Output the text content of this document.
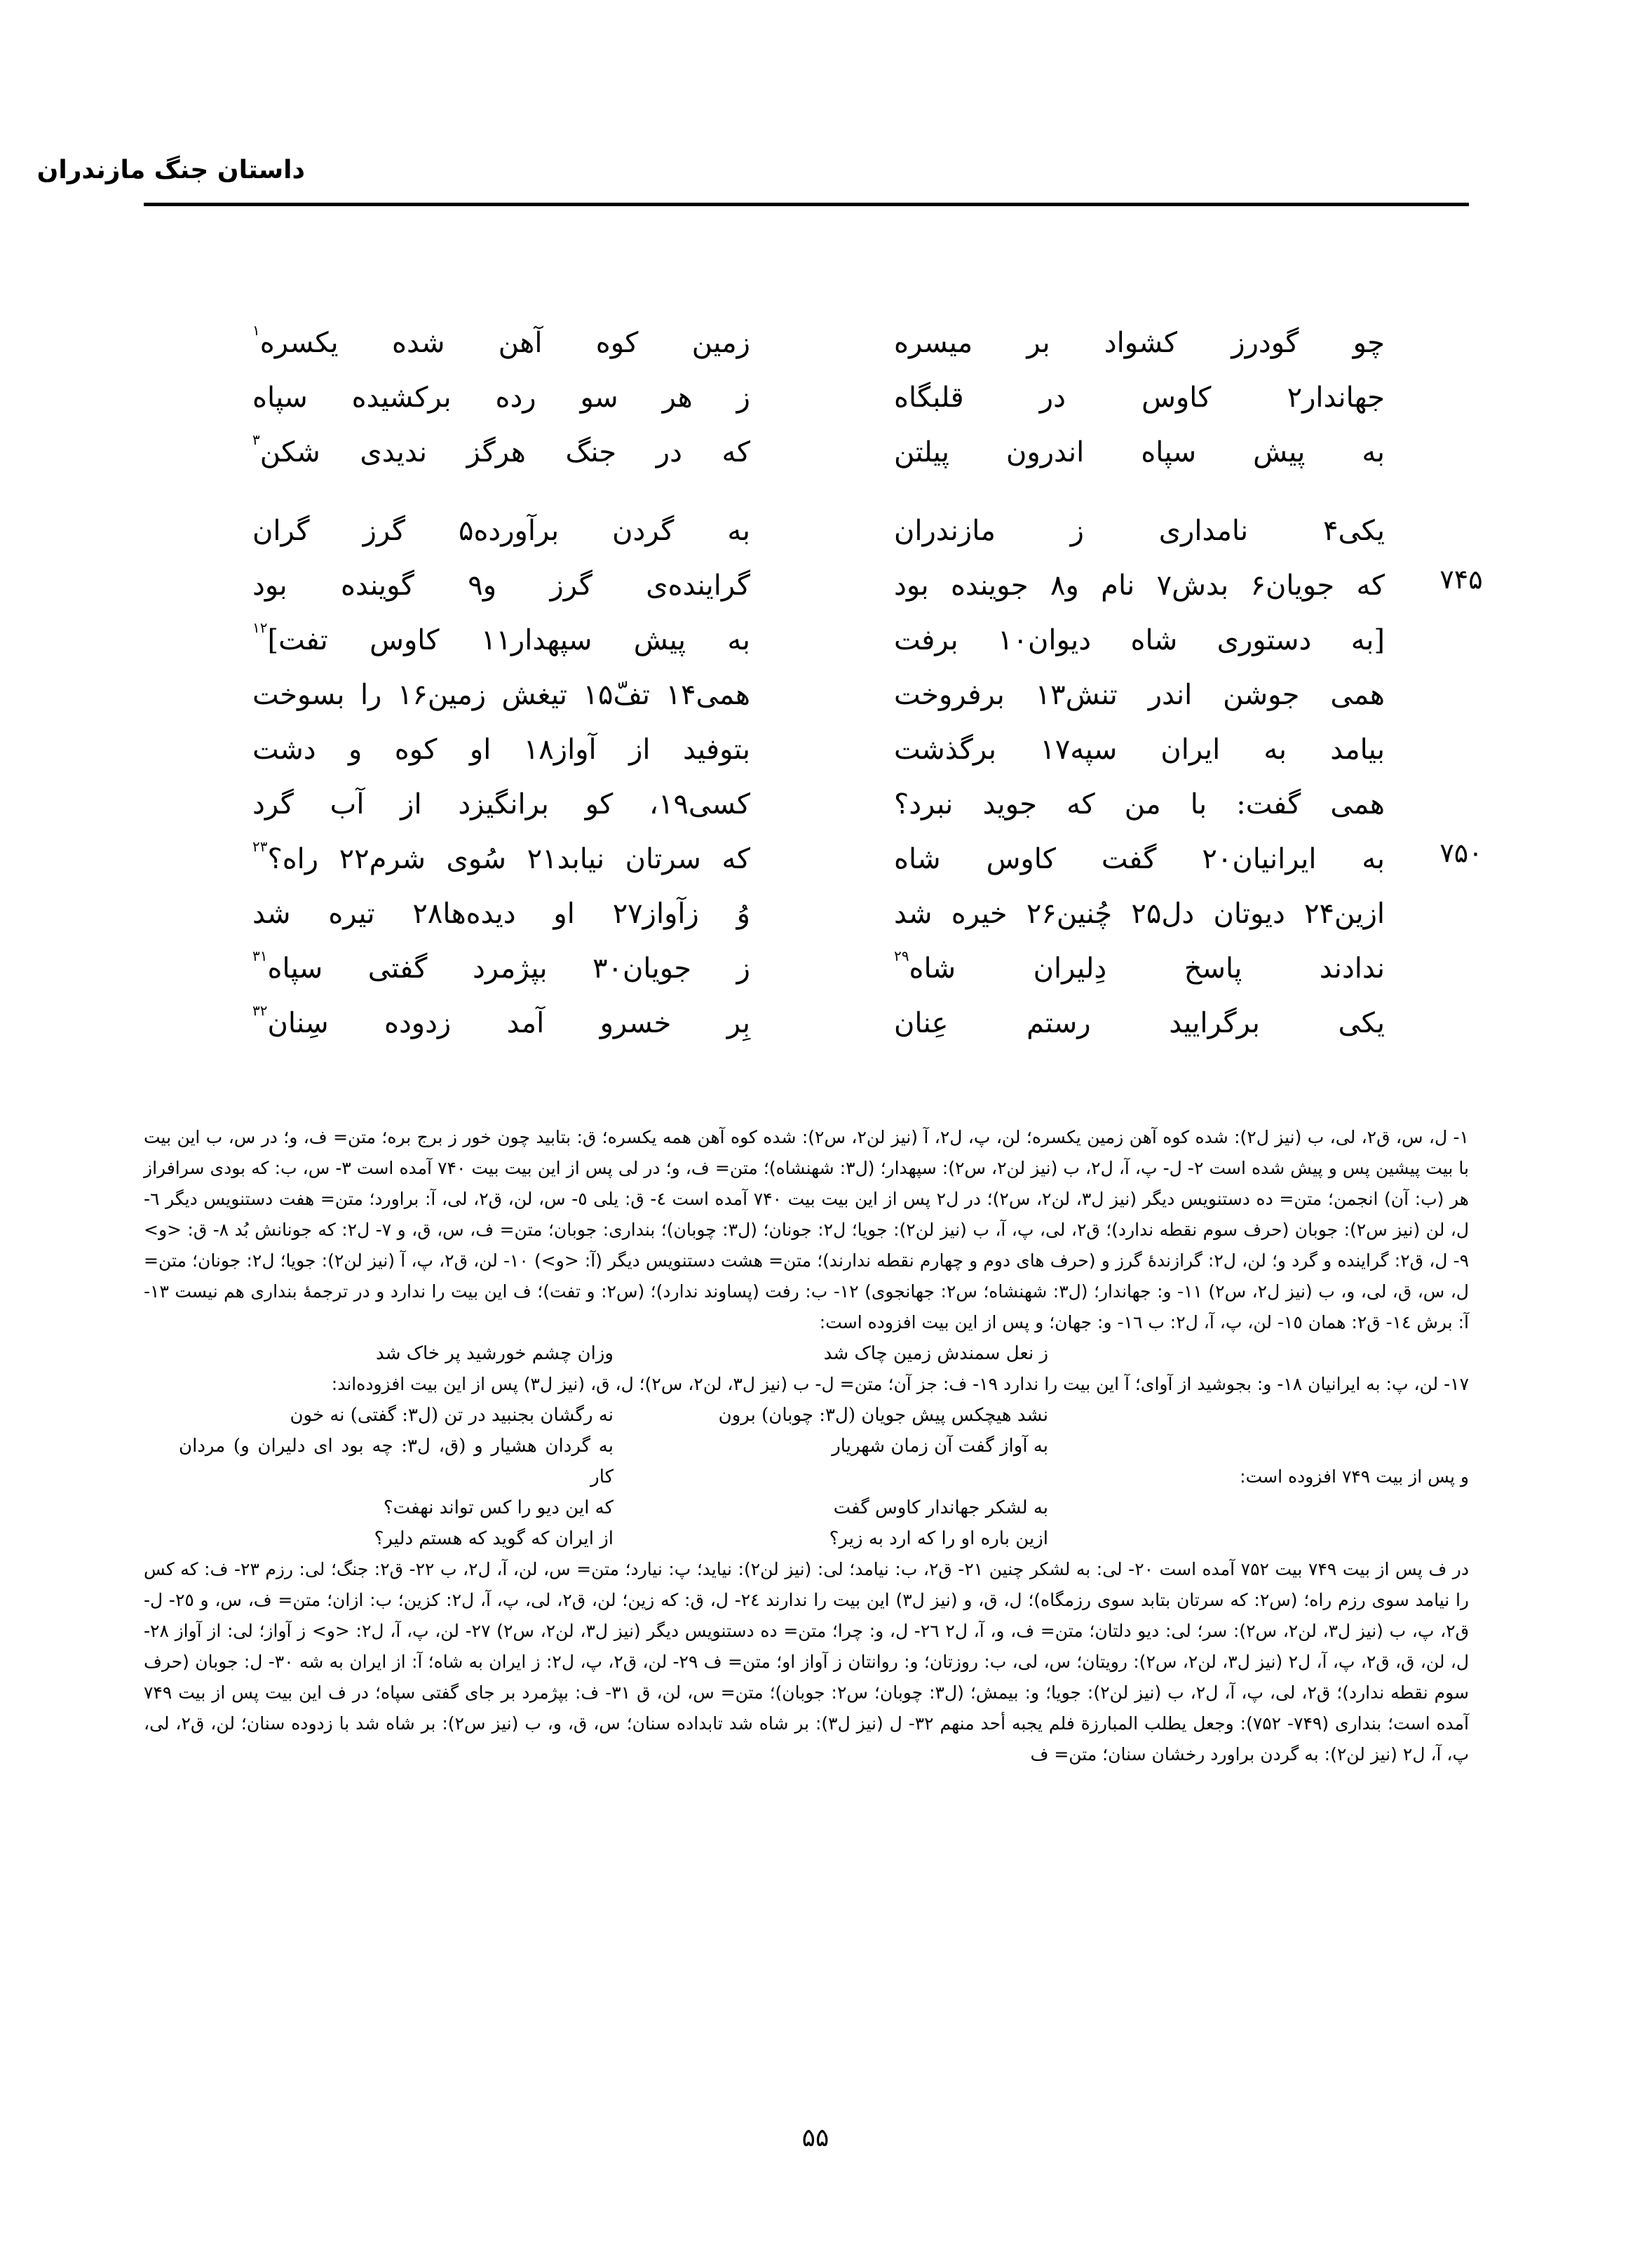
داستان جنگ مازندران
چو گودرز کشواد بر میسره
زمین کوه آهن شده یکسره$^۱$
جهاندار۲ کاوس در قلبگاه
ز هر سو رده برکشیده سپاه
به پیش سپاه اندرون پیلتن
که در جنگ هرگز ندیدی شکن$^۳$
یکی۴ نامداری ز مازندران
به گردن برآورده۵ گرز گران
۷۴۵
که جویان۶ بدش۷ نام و۸ جوینده بود
گراینده‌ی گرز و۹ گوینده بود
[به دستوری شاه دیوان۱۰ برفت
به پیش سپهدار۱۱ کاوس تفت]$^{۱۲}$
همی جوشن اندر تنش۱۳ برفروخت
همی۱۴ تفّ۱۵ تیغش زمین۱۶ را بسوخت
بیامد به ایران سپه۱۷ برگذشت
بتوفید از آواز۱۸ او کوه و دشت
همی گفت: با من که جوید نبرد؟
کسی۱۹، کو برانگیزد از آب گرد
۷۵۰
به ایرانیان۲۰ گفت کاوس شاه
که سرتان نیابد۲۱ سُوی شرم۲۲ راه؟$^{۲۳}$
ازین۲۴ دیوتان دل۲۵ چُنین۲۶ خیره شد
وُ زآواز۲۷ او دیده‌ها۲۸ تیره شد
ندادند پاسخ دِلیران شاه$^{۲۹}$
ز جویان۳۰ بپژمرد گفتی سپاه$^{۳۱}$
یکی برگرایید رستم عِنان
بِر خسرو آمد زدوده سِنان$^{۳۲}$

۱- ل، س، ق۲، لی، ب (نیز ل۲): شده کوه آهن زمین یکسره؛ لن، پ، ل۲، آ (نیز لن۲، س۲): شده کوه آهن همه یکسره؛ ق: بتابید چون خور ز برج بره؛ متن= ف، و؛ در س، ب این بیت با بیت پیشین پس و پیش شده است ۲- ل- پ، آ، ل۲، ب (نیز لن۲، س۲): سپهدار؛ (ل۳: شهنشاه)؛ متن= ف، و؛ در لی پس از این بیت بیت ۷۴۰ آمده است ۳- س، ب: که بودی سرافراز هر (ب: آن) انجمن؛ متن= ده دستنویس دیگر (نیز ل۳، لن۲، س۲)؛ در ل۲ پس از این بیت بیت ۷۴۰ آمده است ٤- ق: یلی ٥- س، لن، ق۲، لی، آ: براورد؛ متن= هفت دستنویس دیگر ٦- ل، لن (نیز س۲): جوبان (حرف سوم نقطه ندارد)؛ ق۲، لی، پ، آ، ب (نیز لن۲): جویا؛ ل۲: جونان؛ (ل۳: چوبان)؛ بنداری: جوبان؛ متن= ف، س، ق، و ۷- ل۲: که جونانش بُد ۸- ق: <و> ۹- ل، ق۲: گراینده و گرد و؛ لن، ل۲: گرازندهٔ گرز و (حرف های دوم و چهارم نقطه ندارند)؛ متن= هشت دستنویس دیگر (آ: <و>) ۱۰- لن، ق۲، پ، آ (نیز لن۲): جویا؛ ل۲: جونان؛ متن= ل، س، ق، لی، و، ب (نیز ل۲، س۲) ۱۱- و: جهاندار؛ (ل۳: شهنشاه؛ س۲: جهانجوی) ۱۲- ب: رفت (پساوند ندارد)؛ (س۲: و تفت)؛ ف این بیت را ندارد و در ترجمهٔ بنداری هم نیست ۱۳- آ: برش ١٤- ق۲: همان ١٥- لن، پ، آ، ل۲: ب ١٦- و: جهان؛ و پس از این بیت افزوده است:

ز نعل سمندش زمین چاک شد
وزان چشم خورشید پر خاک شد

۱۷- لن، پ: به ایرانیان ۱۸- و: بجوشید از آوای؛ آ این بیت را ندارد ۱۹- ف: جز آن؛ متن= ل- ب (نیز ل۳، لن۲، س۲)؛ ل، ق، (نیز ل۳) پس از این بیت افزوده‌اند:

نشد هیچکس پیش جویان (ل۳: چوبان) برون
نه رگشان بجنبید در تن (ل۳: گفتی) نه خون
به آواز گفت آن زمان شهریار
به گردان هشیار و (ق، ل۳: چه بود ای دلیران و) مردان کار	و پس از بیت ۷۴۹ افزوده است:

به لشکر جهاندار کاوس گفت
که این دیو را کس تواند نهفت؟
ازین باره او را که ارد به زیر؟
از ایران که گوید که هستم دلیر؟

در ف پس از بیت ۷۴۹ بیت ۷۵۲ آمده است ۲۰- لی: به لشکر چنین ۲۱- ق۲، ب: نیامد؛ لی: (نیز لن۲): نیاید؛ پ: نیارد؛ متن= س، لن، آ، ل۲، ب ۲۲- ق۲: جنگ؛ لی: رزم ۲۳- ف: که کس را نیامد سوی رزم راه؛ (س۲: که سرتان بتابد سوی رزمگاه)؛ ل، ق، و (نیز ل۳) این بیت را ندارند ۲٤- ل، ق: که زین؛ لن، ق۲، لی، پ، آ، ل۲: کزین؛ ب: ازان؛ متن= ف، س، و ۲٥- ل- ق۲، پ، ب (نیز ل۳، لن۲، س۲): سر؛ لی: دیو دلتان؛ متن= ف، و، آ، ل۲ ۲٦- ل، و: چرا؛ متن= ده دستنویس دیگر (نیز ل۳، لن۲، س۲) ۲۷- لن، پ، آ، ل۲: <و> ز آواز؛ لی: از آواز ۲۸- ل، لن، ق، ق۲، پ، آ، ل۲ (نیز ل۳، لن۲، س۲): رویتان؛ س، لی، ب: روزتان؛ و: روانتان ز آواز او؛ متن= ف ۲۹- لن، ق۲، پ، ل۲: ز ایران به شاه؛ آ: از ایران به شه ۳۰- ل: جوبان (حرف سوم نقطه ندارد)؛ ق۲، لی، پ، آ، ل۲، ب (نیز لن۲): جویا؛ و: بیمش؛ (ل۳: چوبان؛ س۲: جوبان)؛ متن= س، لن، ق ۳۱- ف: بپژمرد بر جای گفتی سپاه؛ در ف این بیت پس از بیت ۷۴۹ آمده است؛ بنداری (۷۴۹- ۷۵۲): وجعل یطلب المبارزة فلم یجبه أحد منهم ۳۲- ل (نیز ل۳): بر شاه شد تابداده سنان؛ س، ق، و، ب (نیز س۲): بر شاه شد با زدوده سنان؛ لن، ق۲، لی، پ، آ، ل۲ (نیز لن۲): به گردن براورد رخشان سنان؛ متن= ف

۵۵
